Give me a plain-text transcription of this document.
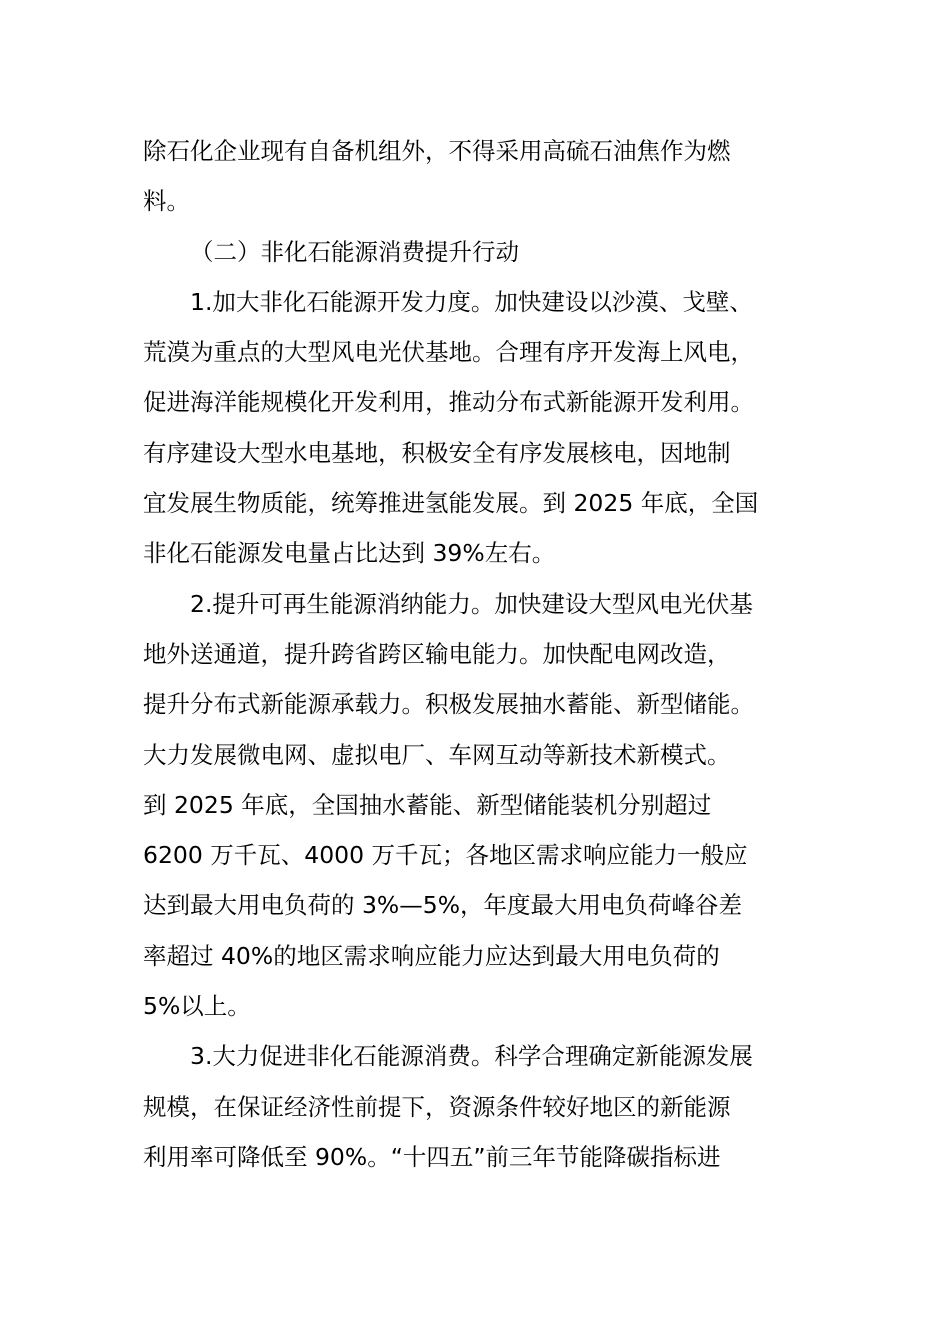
除石化企业现有自备机组外，不得采用高硫石油焦作为燃
料。
（二）非化石能源消费提升行动
1.加大非化石能源开发力度。加快建设以沙漠、戈壁、
荒漠为重点的大型风电光伏基地。合理有序开发海上风电，
促进海洋能规模化开发利用，推动分布式新能源开发利用。
有序建设大型水电基地，积极安全有序发展核电，因地制
宜发展生物质能，统筹推进氢能发展。到 2025 年底，全国
非化石能源发电量占比达到 39%左右。
2.提升可再生能源消纳能力。加快建设大型风电光伏基
地外送通道，提升跨省跨区输电能力。加快配电网改造，
提升分布式新能源承载力。积极发展抽水蓄能、新型储能。
大力发展微电网、虚拟电厂、车网互动等新技术新模式。
到 2025 年底，全国抽水蓄能、新型储能装机分别超过
6200 万千瓦、4000 万千瓦；各地区需求响应能力一般应
达到最大用电负荷的 3%—5%，年度最大用电负荷峰谷差
率超过 40%的地区需求响应能力应达到最大用电负荷的
5%以上。
3.大力促进非化石能源消费。科学合理确定新能源发展
规模，在保证经济性前提下，资源条件较好地区的新能源
利用率可降低至 90%。“十四五”前三年节能降碳指标进
